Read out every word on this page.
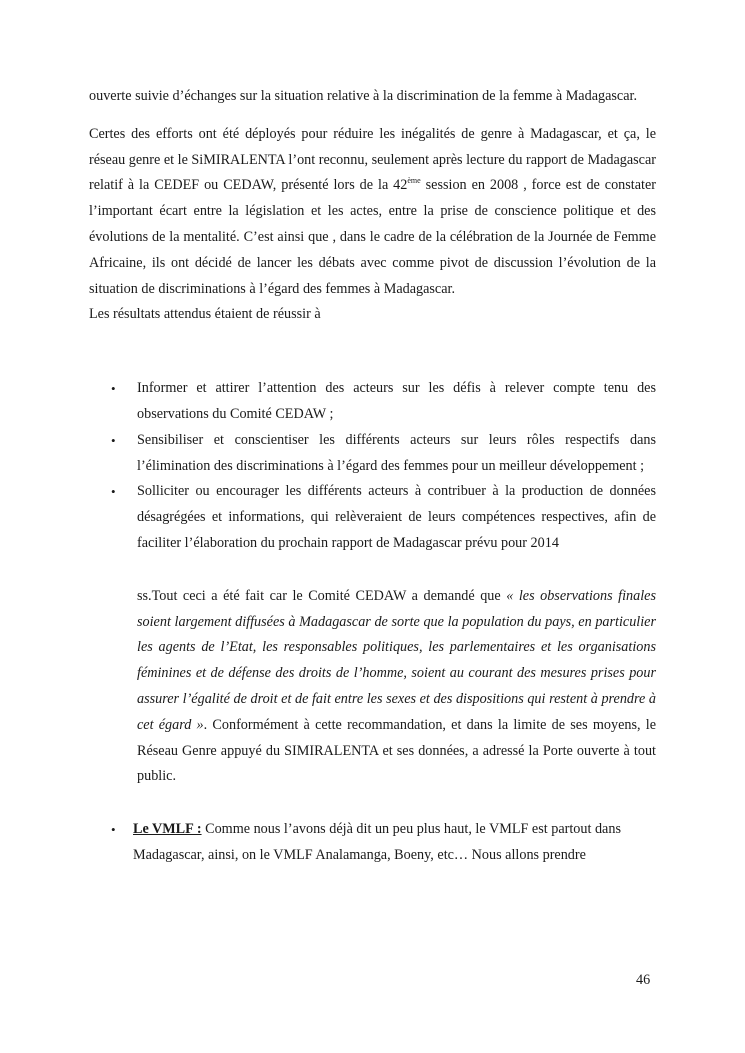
ouverte suivie d’échanges sur la situation relative à la discrimination de la femme à Madagascar.

Certes des efforts ont été déployés pour réduire les inégalités de genre à Madagascar, et ça, le réseau genre et le SiMIRALENTA l’ont reconnu, seulement après lecture du rapport de Madagascar relatif à la CEDEF ou CEDAW, présenté lors de la 42ème session en 2008 , force est de constater l’important écart entre la législation et les actes, entre la prise de conscience politique et des évolutions de la mentalité. C’est ainsi que , dans le cadre de la célébration de la Journée de Femme Africaine, ils ont décidé de lancer les débats avec comme pivot de discussion l’évolution de la situation de discriminations à l’égard des femmes à Madagascar.
Les résultats attendus étaient de réussir à

• Informer et attirer l’attention des acteurs sur les défis à relever compte tenu des observations du Comité CEDAW ;

• Sensibiliser et conscientiser les différents acteurs sur leurs rôles respectifs dans l’élimination des discriminations à l’égard des femmes pour un meilleur développement ;

• Solliciter ou encourager les différents acteurs à contribuer à la production de données désagrégées et informations, qui relèveraient de leurs compétences respectives, afin de faciliter l’élaboration du prochain rapport de Madagascar prévu pour 2014

ss.Tout ceci a été fait car le Comité CEDAW a demandé que « les observations finales soient largement diffusées à Madagascar de sorte que la population du pays, en particulier les agents de l’Etat, les responsables politiques, les parlementaires et les organisations féminines et de défense des droits de l’homme, soient au courant des mesures prises pour assurer l’égalité de droit et de fait entre les sexes et des dispositions qui restent à prendre à cet égard ». Conformément à cette recommandation, et dans la limite de ses moyens, le Réseau Genre appuyé du SIMIRALENTA et ses données, a adressé la Porte ouverte à tout public.

• Le VMLF : Comme nous l’avons déjà dit un peu plus haut, le VMLF est partout dans
Madagascar, ainsi, on le VMLF Analamanga, Boeny, etc… Nous allons prendre

46
